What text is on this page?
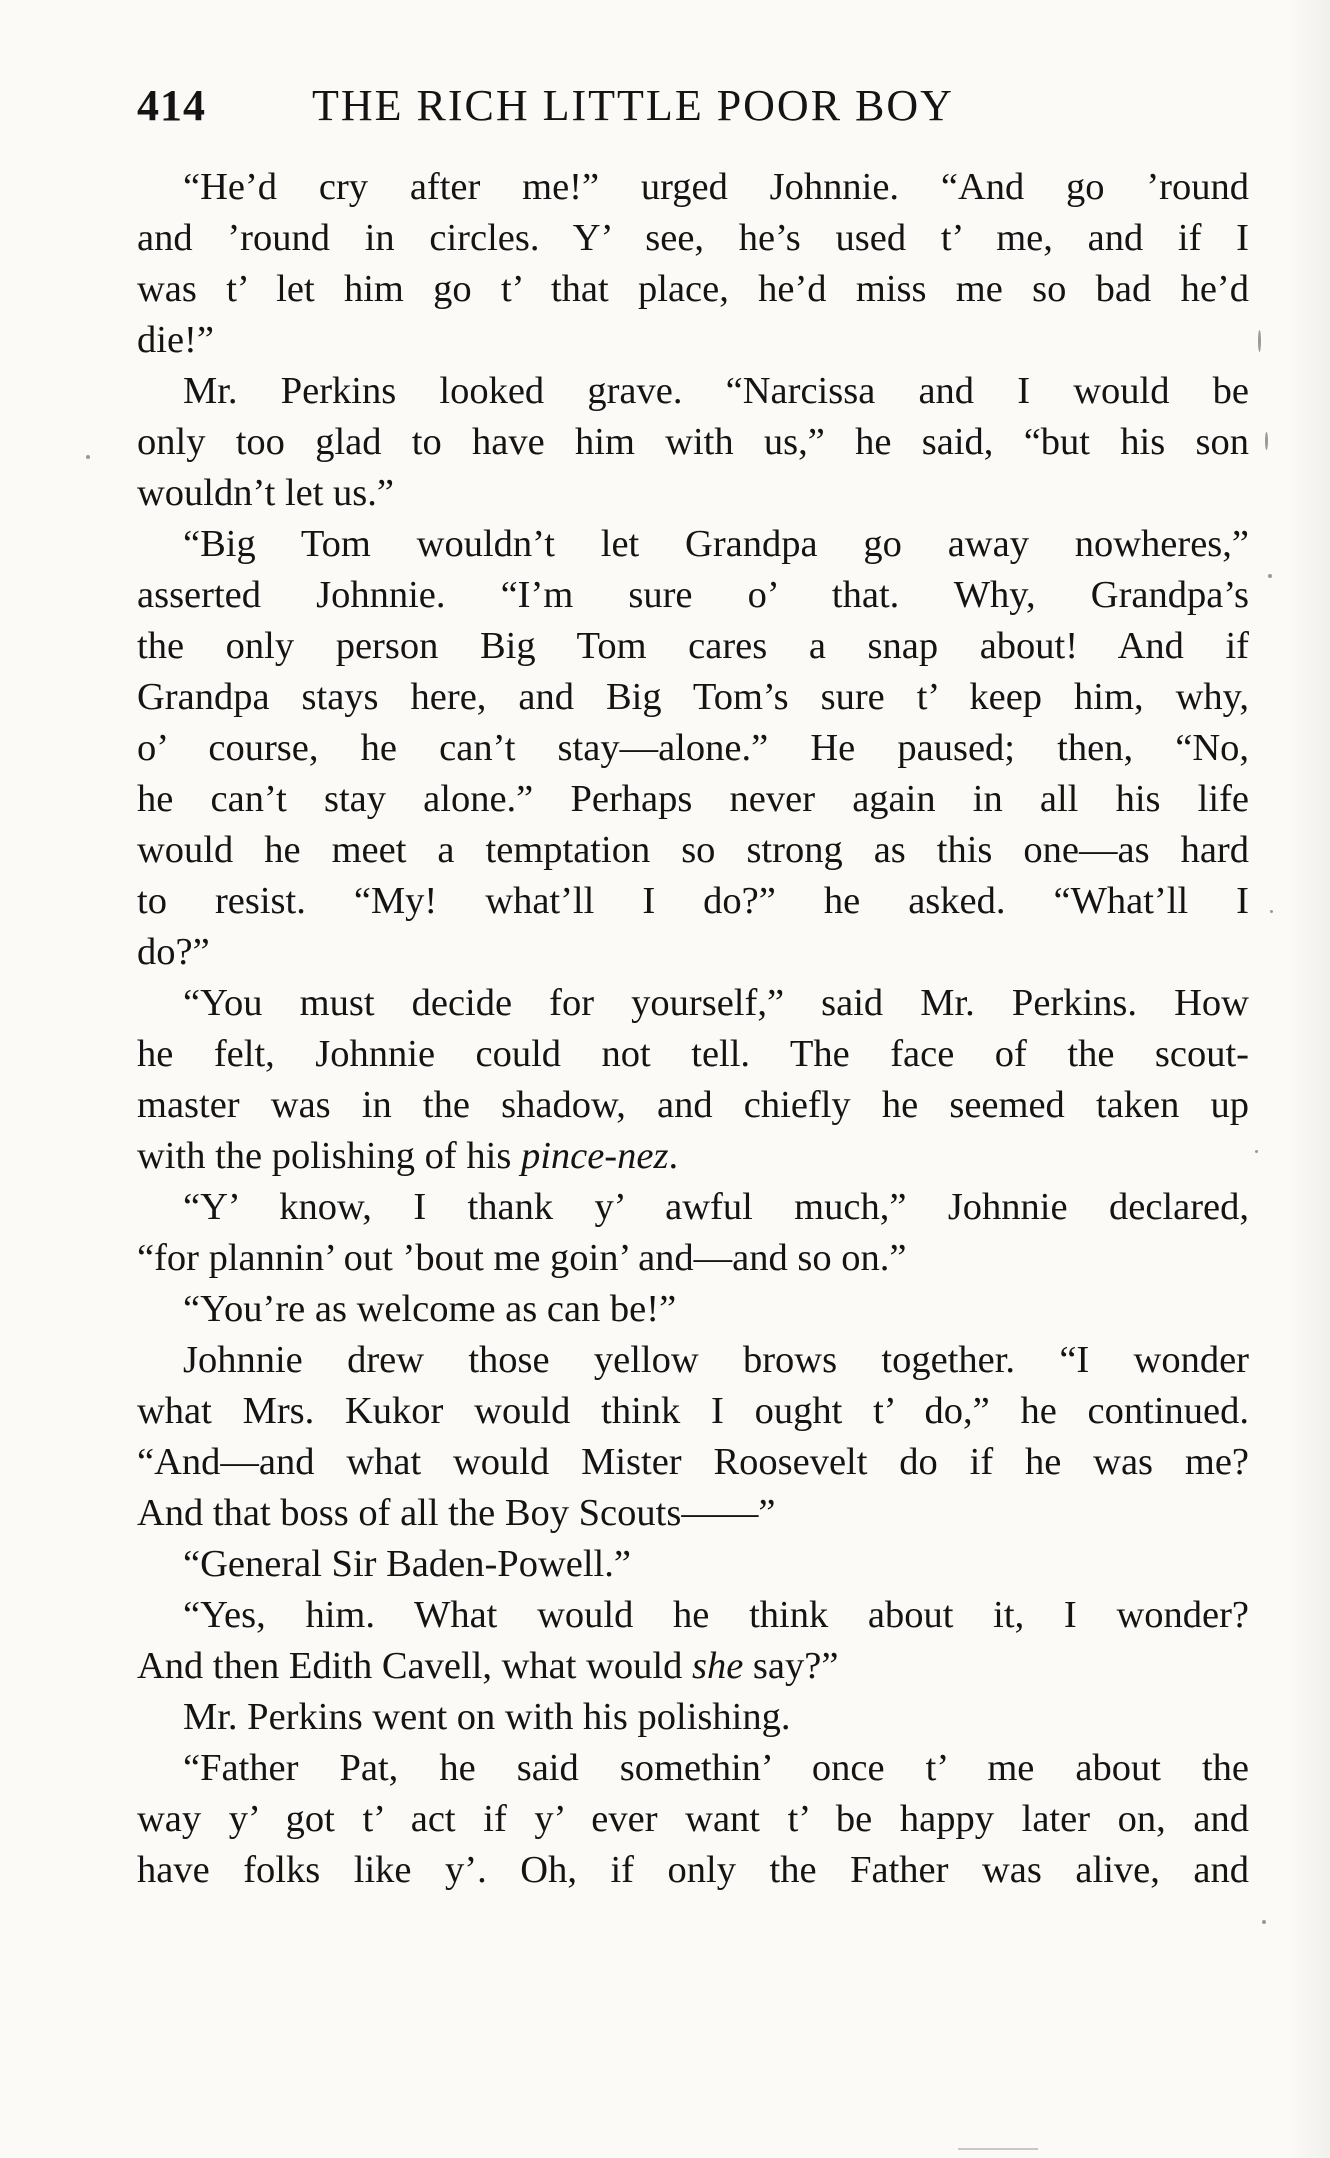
414 THE RICH LITTLE POOR BOY

“He’d cry after me!” urged Johnnie. “And go ’round
and ’round in circles. Y’ see, he’s used t’ me, and if I
was t’ let him go t’ that place, he’d miss me so bad he’d
die!”

Mr. Perkins looked grave. “Narcissa and I would be
only too glad to have him with us,” he said, “but his son
wouldn’t let us.”

“Big Tom wouldn’t let Grandpa go away nowheres,”
asserted Johnnie. “I’m sure o’ that. Why, Grandpa’s
the only person Big Tom cares a snap about! And if
Grandpa stays here, and Big Tom’s sure t’ keep him, why,
o’ course, he can’t stay—alone.” He paused; then, “No,
he can’t stay alone.” Perhaps never again in all his life
would he meet a temptation so strong as this one—as hard
to resist. “My! what’ll I do?” he asked. “What’ll I
do?”

“You must decide for yourself,” said Mr. Perkins. How
he felt, Johnnie could not tell. The face of the scout-
master was in the shadow, and chiefly he seemed taken up
with the polishing of his pince-nez.

“Y’ know, I thank y’ awful much,” Johnnie declared,
“for plannin’ out ’bout me goin’ and—and so on.”

“You’re as welcome as can be!”

Johnnie drew those yellow brows together. “I wonder
what Mrs. Kukor would think I ought t’ do,” he continued.
“And—and what would Mister Roosevelt do if he was me?
And that boss of all the Boy Scouts——”

“General Sir Baden-Powell.”

“Yes, him. What would he think about it, I wonder?
And then Edith Cavell, what would she say?”

Mr. Perkins went on with his polishing.

“Father Pat, he said somethin’ once t’ me about the
way y’ got t’ act if y’ ever want t’ be happy later on, and
have folks like y’. Oh, if only the Father was alive, and
